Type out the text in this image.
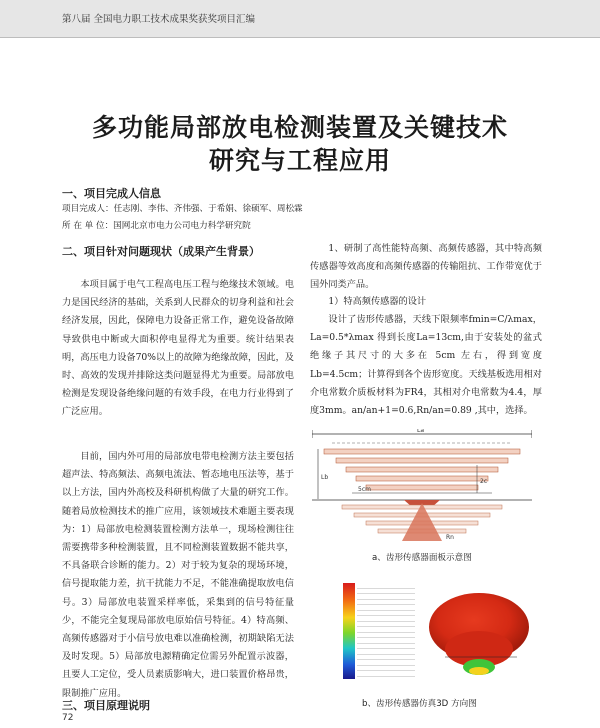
第八届 全国电力职工技术成果奖获奖项目汇编
多功能局部放电检测装置及关键技术
研究与工程应用
一、项目完成人信息
项目完成人：任志刚、李伟、齐伟强、于希娟、徐硕军、周松霖
所 在 单 位：国网北京市电力公司电力科学研究院
二、项目针对问题现状（成果产生背景）
本项目属于电气工程高电压工程与绝缘技术领域。电力是国民经济的基础，关系到人民群众的切身利益和社会经济发展，因此，保障电力设备正常工作，避免设备故障导致供电中断或大面积停电显得尤为重要。统计结果表明，高压电力设备70%以上的故障为绝缘故障，因此，及时、高效的发现并排除这类问题显得尤为重要。局部放电检测是发现设备绝缘问题的有效手段，在电力行业得到了广泛应用。
目前，国内外可用的局部放电带电检测方法主要包括超声法、特高频法、高频电流法、暂态地电压法等，基于以上方法，国内外高校及科研机构做了大量的研究工作。随着局放检测技术的推广应用，该领域技术难题主要表现为：1）局部放电检测装置检测方法单一，现场检测往往需要携带多种检测装置，且不同检测装置数据不能共享，不具备联合诊断的能力。2）对于较为复杂的现场环境，信号提取能力差，抗干扰能力不足，不能准确提取放电信号。3）局部放电装置采样率低，采集到的信号特征量少，不能完全复现局部放电原始信号特征。4）特高频、高频传感器对于小信号放电难以准确检测，初期缺陷无法及时发现。5）局部放电源精确定位需另外配置示波器，且要人工定位，受人员素质影响大，进口装置价格昂贵，限制推广应用。
三、项目原理说明
1、研制了高性能特高频、高频传感器，其中特高频传感器等效高度和高频传感器的传输阻抗、工作带宽优于国外同类产品。
1）特高频传感器的设计
设计了齿形传感器，天线下限频率fmin=C/λmax，La=0.5*λmax 得到长度La=13cm,由于安装处的盆式绝缘子其尺寸的大多在 5cm 左右，得到宽度Lb=4.5cm；计算得到各个齿形宽度。天线基板选用相对介电常数介质板材料为FR4，其相对介电常数为4.4，厚度3mm。an/an+1=0.6,Rn/an=0.89 ,其中，选择。
La
Lb
5cm
2c
Rn
a、齿形传感器面板示意图
b、齿形传感器仿真3D 方向图
72
